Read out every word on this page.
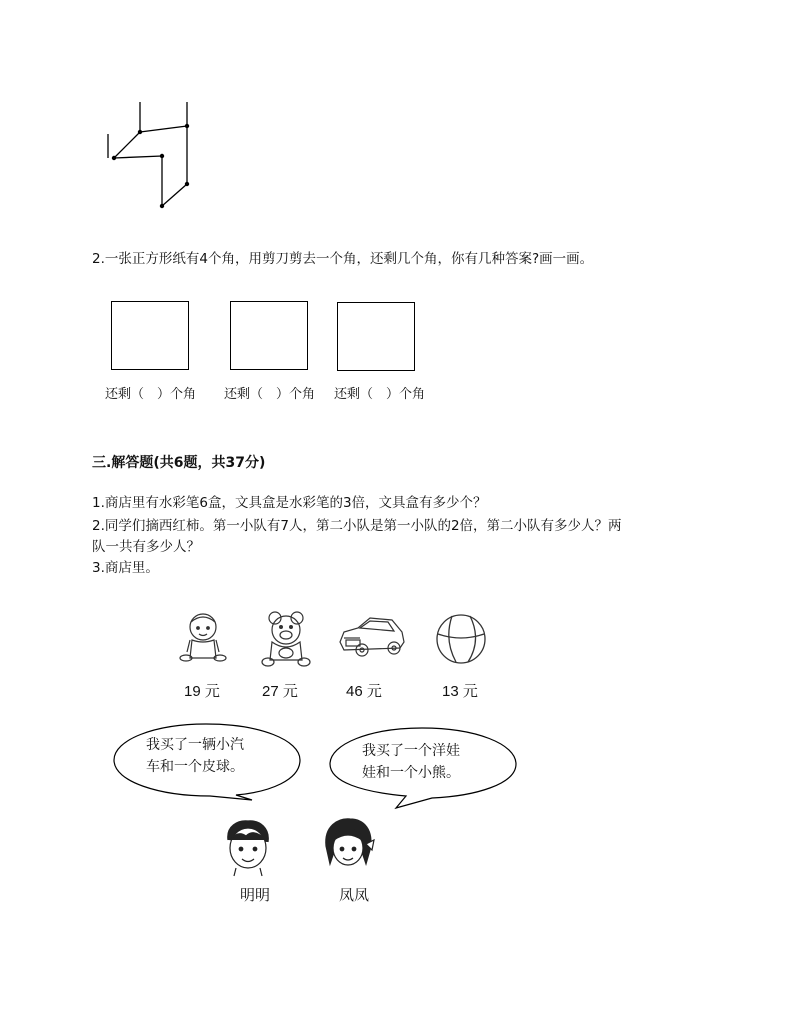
2.一张正方形纸有4个角，用剪刀剪去一个角，还剩几个角，你有几种答案?画一画。
还剩（　）个角 还剩（　）个角 还剩（　）个角
三.解答题(共6题，共37分)
1.商店里有水彩笔6盒，文具盒是水彩笔的3倍，文具盒有多少个？
2.同学们摘西红柿。第一小队有7人，第二小队是第一小队的2倍，第二小队有多少人？两
队一共有多少人？
3.商店里。
19 元	27 元	46 元	13 元
我买了一辆小汽
车和一个皮球。
我买了一个洋娃
娃和一个小熊。
明明	凤凤
